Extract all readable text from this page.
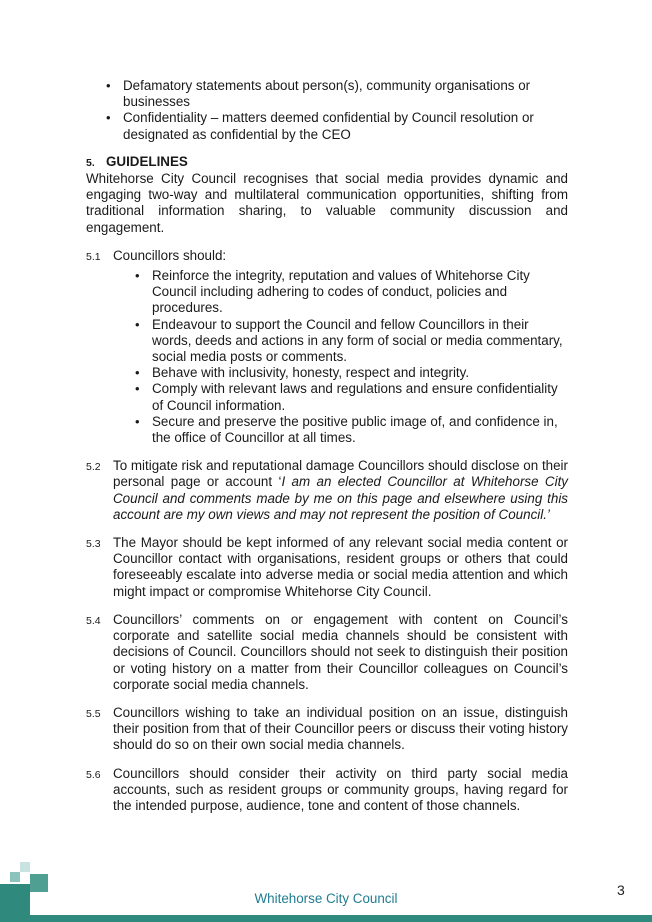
• Defamatory statements about person(s), community organisations or businesses
• Confidentiality – matters deemed confidential by Council resolution or designated as confidential by the CEO
5. GUIDELINES

Whitehorse City Council recognises that social media provides dynamic and engaging two-way and multilateral communication opportunities, shifting from traditional information sharing, to valuable community discussion and engagement.

5.1 Councillors should:

• Reinforce the integrity, reputation and values of Whitehorse City Council including adhering to codes of conduct, policies and procedures.
• Endeavour to support the Council and fellow Councillors in their words, deeds and actions in any form of social or media commentary, social media posts or comments.
• Behave with inclusivity, honesty, respect and integrity.
• Comply with relevant laws and regulations and ensure confidentiality of Council information.
• Secure and preserve the positive public image of, and confidence in, the office of Councillor at all times.
5.2 To mitigate risk and reputational damage Councillors should disclose on their personal page or account ‘I am an elected Councillor at Whitehorse City Council and comments made by me on this page and elsewhere using this account are my own views and may not represent the position of Council.’

5.3 The Mayor should be kept informed of any relevant social media content or Councillor contact with organisations, resident groups or others that could foreseeably escalate into adverse media or social media attention and which might impact or compromise Whitehorse City Council.

5.4 Councillors’ comments on or engagement with content on Council’s corporate and satellite social media channels should be consistent with decisions of Council. Councillors should not seek to distinguish their position or voting history on a matter from their Councillor colleagues on Council’s corporate social media channels.

5.5 Councillors wishing to take an individual position on an issue, distinguish their position from that of their Councillor peers or discuss their voting history should do so on their own social media channels.

5.6 Councillors should consider their activity on third party social media accounts, such as resident groups or community groups, having regard for the intended purpose, audience, tone and content of those channels.

Whitehorse City Council
3
